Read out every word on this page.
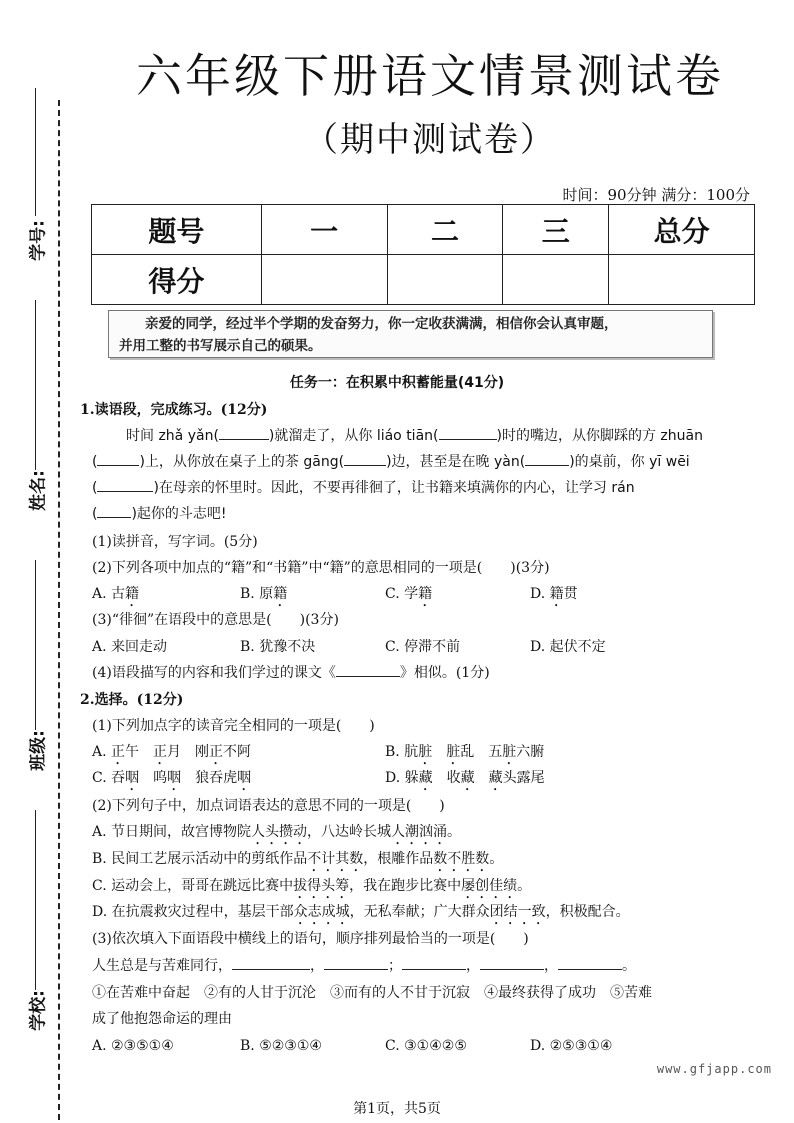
学号:
姓名:
班级:
学校:
六年级下册语文情景测试卷
（期中测试卷）
时间：90分钟 满分：100分
题号	一	二	三	总分
得分				
亲爱的同学，经过半个学期的发奋努力，你一定收获满满，相信你会认真审题，
并用工整的书写展示自己的硕果。
任务一：在积累中积蓄能量(41分)
1.读语段，完成练习。(12分)
时间 zhǎ yǎn(	)就溜走了，从你 liáo tiān(	)时的嘴边，从你脚踩的方 zhuān
(	)上，从你放在桌子上的茶 gāng(	)边，甚至是在晚 yàn(	)的桌前，你 yī wēi
(	)在母亲的怀里时。因此，不要再徘徊了，让书籍来填满你的内心，让学习 rán
( )起你的斗志吧!
(1)读拼音，写字词。(5分)
(2)下列各项中加点的“籍”和“书籍”中“籍”的意思相同的一项是(　　)(3分)
A. 古籍	B. 原籍	C. 学籍	D. 籍贯
(3)“徘徊”在语段中的意思是(　　)(3分)
A. 来回走动	B. 犹豫不决	C. 停滞不前	D. 起伏不定
(4)语段描写的内容和我们学过的课文《	》相似。(1分)
2.选择。(12分)
(1)下列加点字的读音完全相同的一项是(　　)
A. 正午　正月　刚正不阿	B. 肮脏　 脏乱　五脏六腑
C. 吞咽　呜咽　狼吞虎咽	D. 躲藏　收藏　 藏头露尾
(2)下列句子中，加点词语表达的意思不同的一项是(　　)
A. 节日期间，故宫博物院人头攒动，八达岭长城人潮汹涌。
B. 民间工艺展示活动中的剪纸作品不计其数，根雕作品数不胜数。
C. 运动会上，哥哥在跳远比赛中拔得头筹，我在跑步比赛中屡创佳绩。
D. 在抗震救灾过程中，基层干部众志成城，无私奉献；广大群众团结一致，积极配合。
(3)依次填入下面语段中横线上的语句，顺序排列最恰当的一项是(　　)
人生总是与苦难同行，	，	；	，	，	。
①在苦难中奋起　②有的人甘于沉沦　③而有的人不甘于沉寂　④最终获得了成功　⑤苦难
成了他抱怨命运的理由
A. ②③⑤①④	B. ⑤②③①④	C. ③①④②⑤	D. ②⑤③①④
www.gfjapp.com
第1页，共5页
